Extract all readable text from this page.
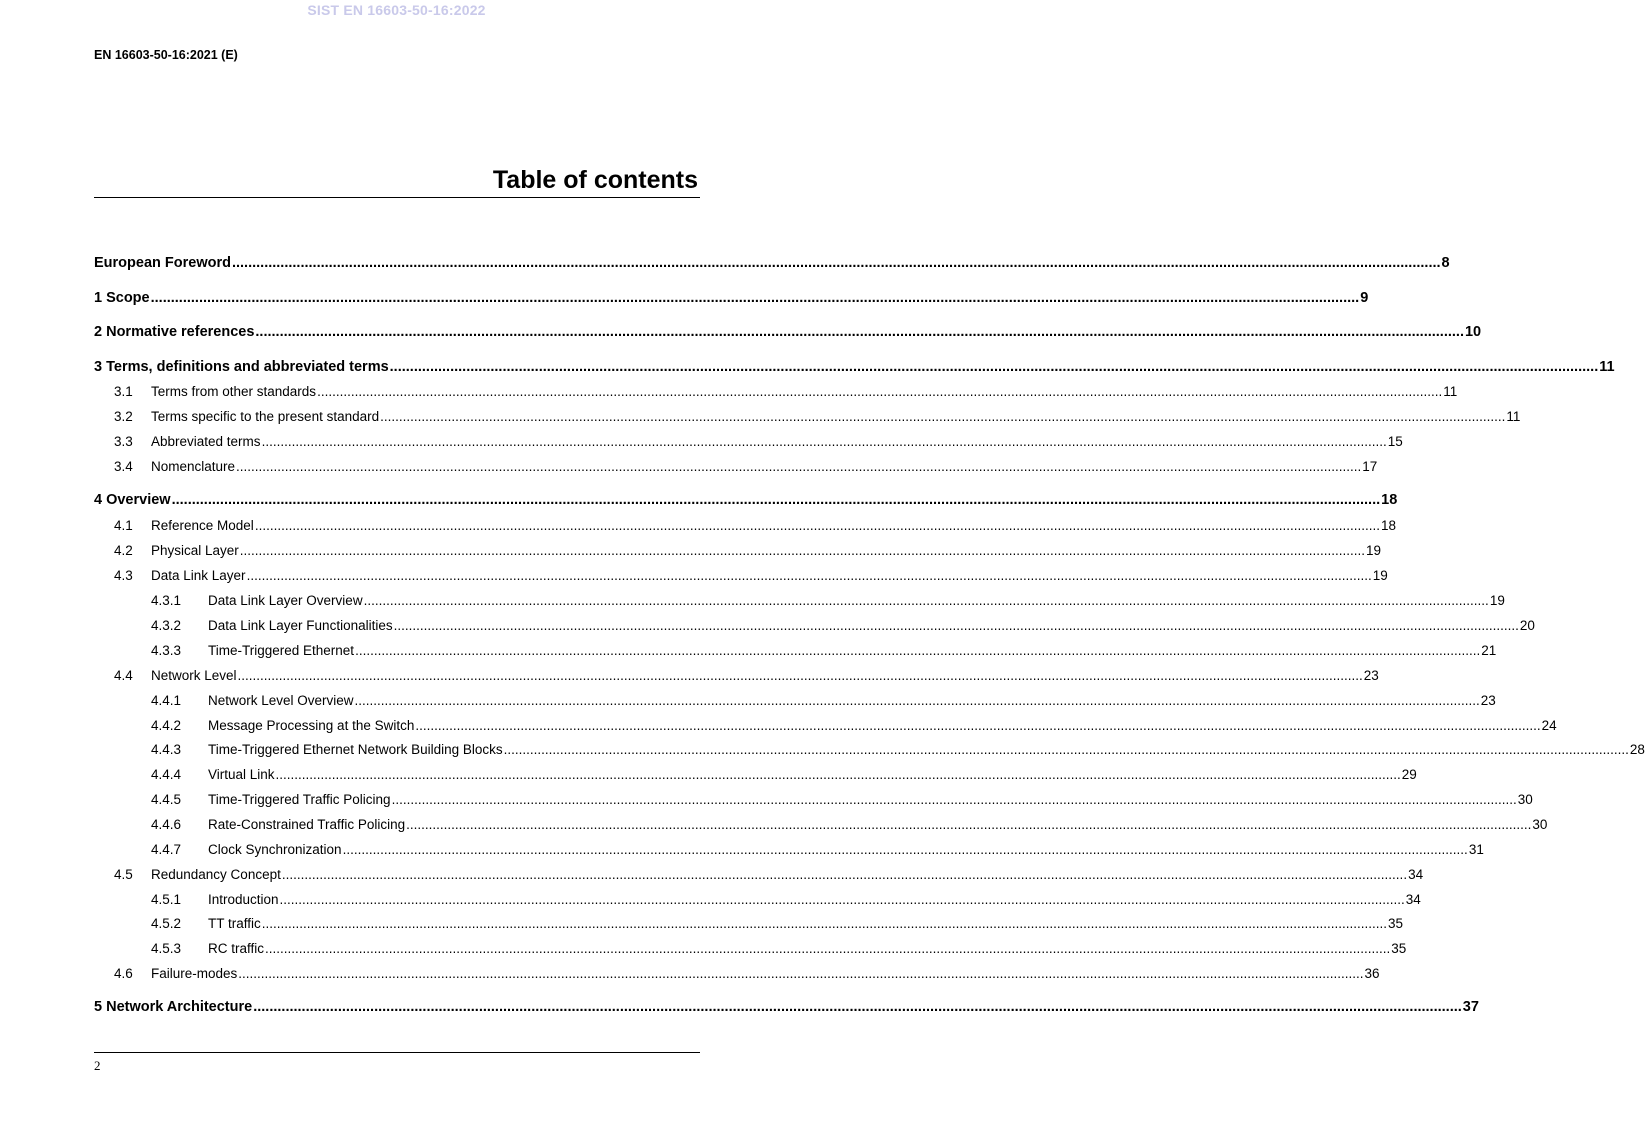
SIST EN 16603-50-16:2022
EN 16603-50-16:2021 (E)
Table of contents
European Foreword ............................................................................................................................................................................................................................................................................................................ 8
1 Scope ............................................................................................................................................................................................................................................................................................................ 9
2 Normative references ............................................................................................................................................................................................................................................................................................................ 10
3 Terms, definitions and abbreviated terms ............................................................................................................................................................................................................................................................................................................ 11
3.1	Terms from other standards ............................................................................................................................................................................................................................................................................................................ 11
3.2	Terms specific to the present standard ............................................................................................................................................................................................................................................................................................................ 11
3.3	Abbreviated terms ............................................................................................................................................................................................................................................................................................................ 15
3.4	Nomenclature ............................................................................................................................................................................................................................................................................................................ 17
4 Overview ............................................................................................................................................................................................................................................................................................................ 18
4.1	Reference Model ............................................................................................................................................................................................................................................................................................................ 18
4.2	Physical Layer ............................................................................................................................................................................................................................................................................................................ 19
4.3	Data Link Layer ............................................................................................................................................................................................................................................................................................................ 19
4.3.1	Data Link Layer Overview ............................................................................................................................................................................................................................................................................................................ 19
4.3.2	Data Link Layer Functionalities ............................................................................................................................................................................................................................................................................................................ 20
4.3.3	Time-Triggered Ethernet ............................................................................................................................................................................................................................................................................................................ 21
4.4	Network Level ............................................................................................................................................................................................................................................................................................................ 23
4.4.1	Network Level Overview ............................................................................................................................................................................................................................................................................................................ 23
4.4.2	Message Processing at the Switch ............................................................................................................................................................................................................................................................................................................ 24
4.4.3	Time-Triggered Ethernet Network Building Blocks ............................................................................................................................................................................................................................................................................................................ 28
4.4.4	Virtual Link ............................................................................................................................................................................................................................................................................................................ 29
4.4.5	Time-Triggered Traffic Policing ............................................................................................................................................................................................................................................................................................................ 30
4.4.6	Rate-Constrained Traffic Policing ............................................................................................................................................................................................................................................................................................................ 30
4.4.7	Clock Synchronization ............................................................................................................................................................................................................................................................................................................ 31
4.5	Redundancy Concept ............................................................................................................................................................................................................................................................................................................ 34
4.5.1	Introduction ............................................................................................................................................................................................................................................................................................................ 34
4.5.2	TT traffic ............................................................................................................................................................................................................................................................................................................ 35
4.5.3	RC traffic ............................................................................................................................................................................................................................................................................................................ 35
4.6	Failure-modes ............................................................................................................................................................................................................................................................................................................ 36
5 Network Architecture ............................................................................................................................................................................................................................................................................................................ 37
2
